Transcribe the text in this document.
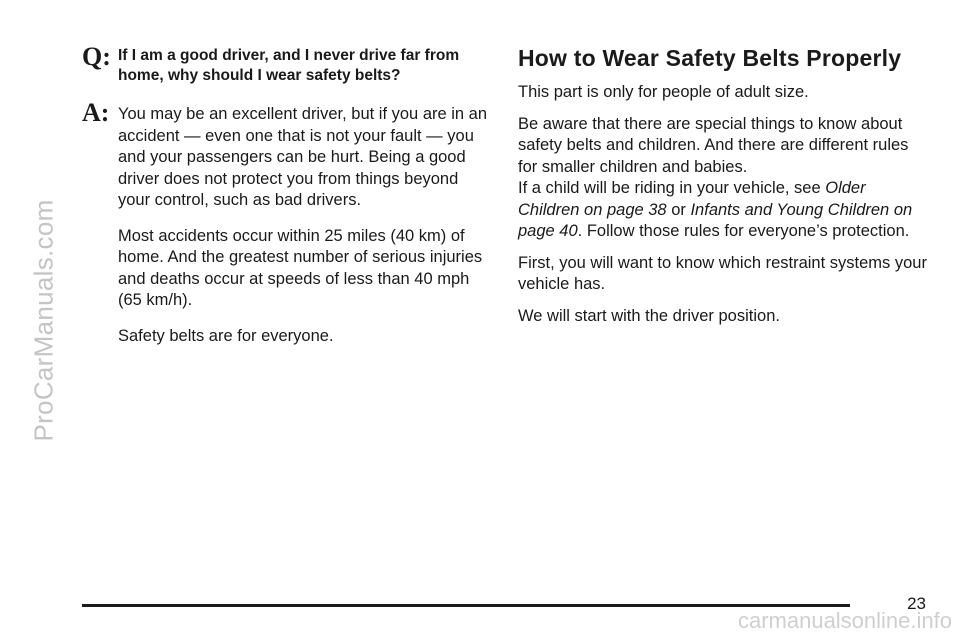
ProCarManuals.com
Q: If I am a good driver, and I never drive far from home, why should I wear safety belts?

A: You may be an excellent driver, but if you are in an accident — even one that is not your fault — you and your passengers can be hurt. Being a good driver does not protect you from things beyond your control, such as bad drivers.

Most accidents occur within 25 miles (40 km) of home. And the greatest number of serious injuries and deaths occur at speeds of less than 40 mph (65 km/h).

Safety belts are for everyone.

How to Wear Safety Belts Properly

This part is only for people of adult size.

Be aware that there are special things to know about safety belts and children. And there are different rules for smaller children and babies.

If a child will be riding in your vehicle, see Older Children on page 38 or Infants and Young Children on page 40. Follow those rules for everyone’s protection.

First, you will want to know which restraint systems your vehicle has.

We will start with the driver position.

23
carmanualsonline.info
